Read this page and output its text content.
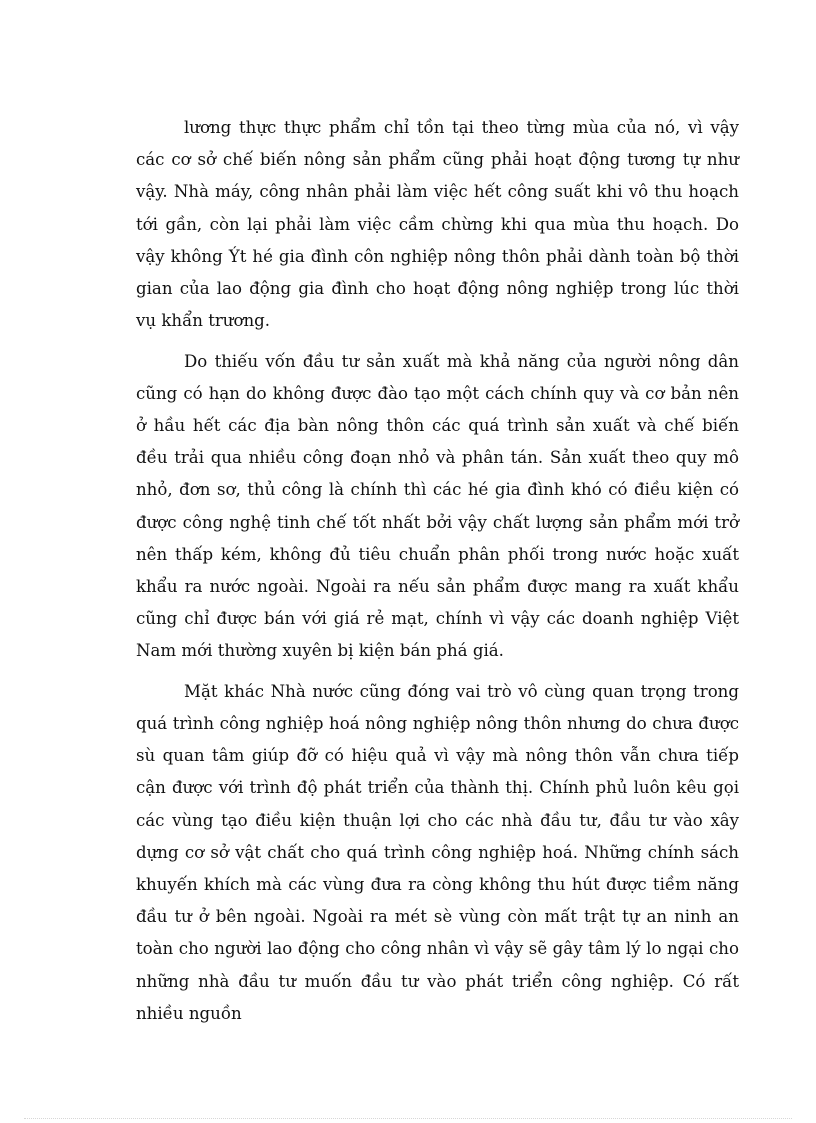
lương thực thực phẩm chỉ tồn tại theo từng mùa của nó, vì vậy các cơ sở chế biến nông sản phẩm cũng phải hoạt động tương tự như vậy. Nhà máy, công nhân phải làm việc hết công suất khi vô thu hoạch tới gần, còn lại phải làm việc cầm chừng khi qua mùa thu hoạch. Do vậy không Ýt hé gia đình côn nghiệp nông thôn phải dành toàn bộ thời gian của lao động gia đình cho hoạt động nông nghiệp trong lúc thời vụ khẩn trương.

Do thiếu vốn đầu tư sản xuất mà khả năng của người nông dân cũng có hạn do không được đào tạo một cách chính quy và cơ bản nên ở hầu hết các địa bàn nông thôn các quá trình sản xuất và chế biến đều trải qua nhiều công đoạn nhỏ và phân tán. Sản xuất theo quy mô nhỏ, đơn sơ, thủ công là chính thì các hé gia đình khó có điều kiện có được công nghệ tinh chế tốt nhất bởi vậy chất lượng sản phẩm mới trở nên thấp kém, không đủ tiêu chuẩn phân phối trong nước hoặc xuất khẩu ra nước ngoài. Ngoài ra nếu sản phẩm được mang ra xuất khẩu cũng chỉ được bán với giá rẻ mạt, chính vì vậy các doanh nghiệp Việt Nam mới thường xuyên bị kiện bán phá giá.

Mặt khác Nhà nước cũng đóng vai trò vô cùng quan trọng trong quá trình công nghiệp hoá nông nghiệp nông thôn nhưng do chưa được sù quan tâm giúp đỡ có hiệu quả vì vậy mà nông thôn vẫn chưa tiếp cận được với trình độ phát triển của thành thị. Chính phủ luôn kêu gọi các vùng tạo điều kiện thuận lợi cho các nhà đầu tư, đầu tư vào xây dựng cơ sở vật chất cho quá trình công nghiệp hoá. Những chính sách khuyến khích mà các vùng đưa ra còng không thu hút được tiềm năng đầu tư ở bên ngoài. Ngoài ra mét sè vùng còn mất trật tự an ninh an toàn cho người lao động cho công nhân vì vậy sẽ gây tâm lý lo ngại cho những nhà đầu tư muốn đầu tư vào phát triển công nghiệp. Có rất nhiều nguồn
